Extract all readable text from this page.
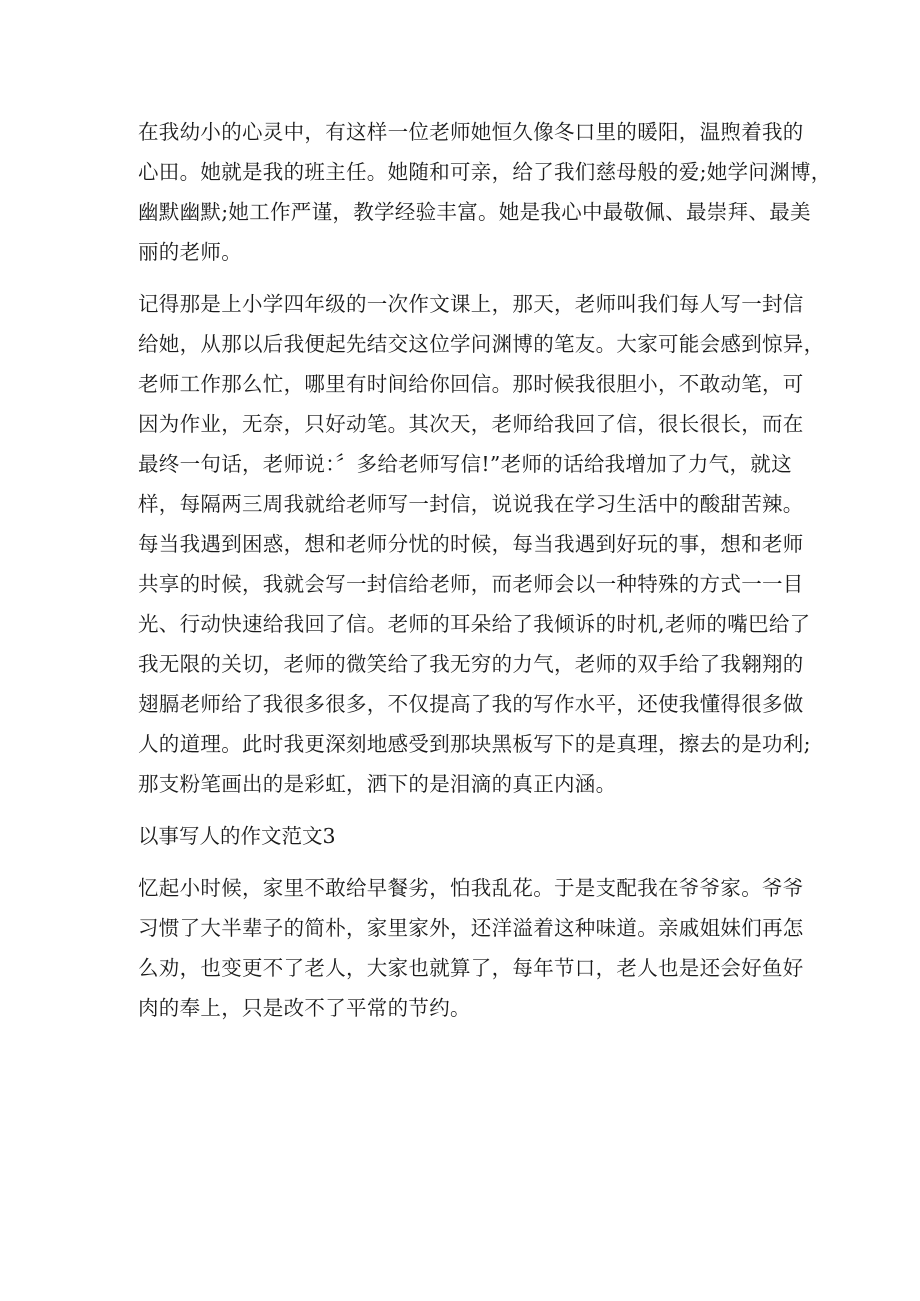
在我幼小的心灵中，有这样一位老师她恒久像冬口里的暖阳，温煦着我的
心田。她就是我的班主任。她随和可亲，给了我们慈母般的爱;她学问渊博，
幽默幽默;她工作严谨，教学经验丰富。她是我心中最敬佩、最崇拜、最美
丽的老师。
记得那是上小学四年级的一次作文课上，那天，老师叫我们每人写一封信
给她，从那以后我便起先结交这位学问渊博的笔友。大家可能会感到惊异，
老师工作那么忙，哪里有时间给你回信。那时候我很胆小，不敢动笔，可
因为作业，无奈，只好动笔。其次天，老师给我回了信，很长很长，而在
最终一句话，老师说：〞多给老师写信!”老师的话给我增加了力气，就这
样，每隔两三周我就给老师写一封信，说说我在学习生活中的酸甜苦辣。
每当我遇到困惑，想和老师分忧的时候，每当我遇到好玩的事，想和老师
共享的时候，我就会写一封信给老师，而老师会以一种特殊的方式一一目
光、行动快速给我回了信。老师的耳朵给了我倾诉的时机,老师的嘴巴给了
我无限的关切，老师的微笑给了我无穷的力气，老师的双手给了我翱翔的
翅膈老师给了我很多很多，不仅提高了我的写作水平，还使我懂得很多做
人的道理。此时我更深刻地感受到那块黑板写下的是真理，擦去的是功利;
那支粉笔画出的是彩虹，洒下的是泪滴的真正内涵。
以事写人的作文范文3
忆起小时候，家里不敢给早餐劣，怕我乱花。于是支配我在爷爷家。爷爷
习惯了大半辈子的简朴，家里家外，还洋溢着这种味道。亲戚姐妹们再怎
么劝，也变更不了老人，大家也就算了，每年节口，老人也是还会好鱼好
肉的奉上，只是改不了平常的节约。
